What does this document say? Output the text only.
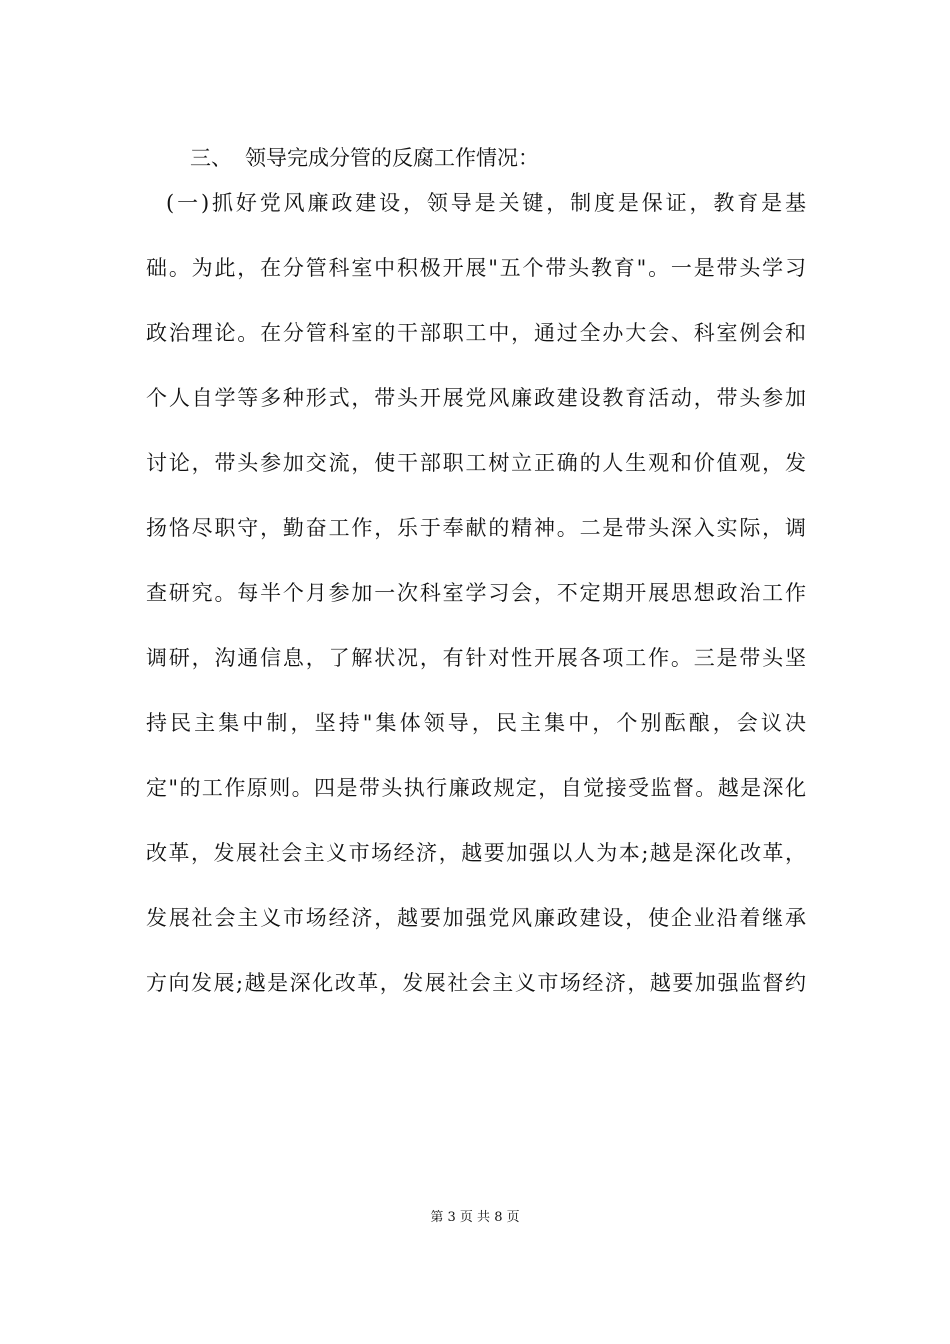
三、 领导完成分管的反腐工作情况：
(一)抓好党风廉政建设，领导是关键，制度是保证，教育是基
础。为此，在分管科室中积极开展"五个带头教育"。一是带头学习
政治理论。在分管科室的干部职工中，通过全办大会、科室例会和
个人自学等多种形式，带头开展党风廉政建设教育活动，带头参加
讨论，带头参加交流，使干部职工树立正确的人生观和价值观，发
扬恪尽职守，勤奋工作，乐于奉献的精神。二是带头深入实际，调
查研究。每半个月参加一次科室学习会，不定期开展思想政治工作
调研，沟通信息，了解状况，有针对性开展各项工作。三是带头坚
持民主集中制，坚持"集体领导，民主集中，个别酝酿，会议决
定"的工作原则。四是带头执行廉政规定，自觉接受监督。越是深化
改革，发展社会主义市场经济，越要加强以人为本;越是深化改革，
发展社会主义市场经济，越要加强党风廉政建设，使企业沿着继承
方向发展;越是深化改革，发展社会主义市场经济，越要加强监督约
第 3 页 共 8 页
